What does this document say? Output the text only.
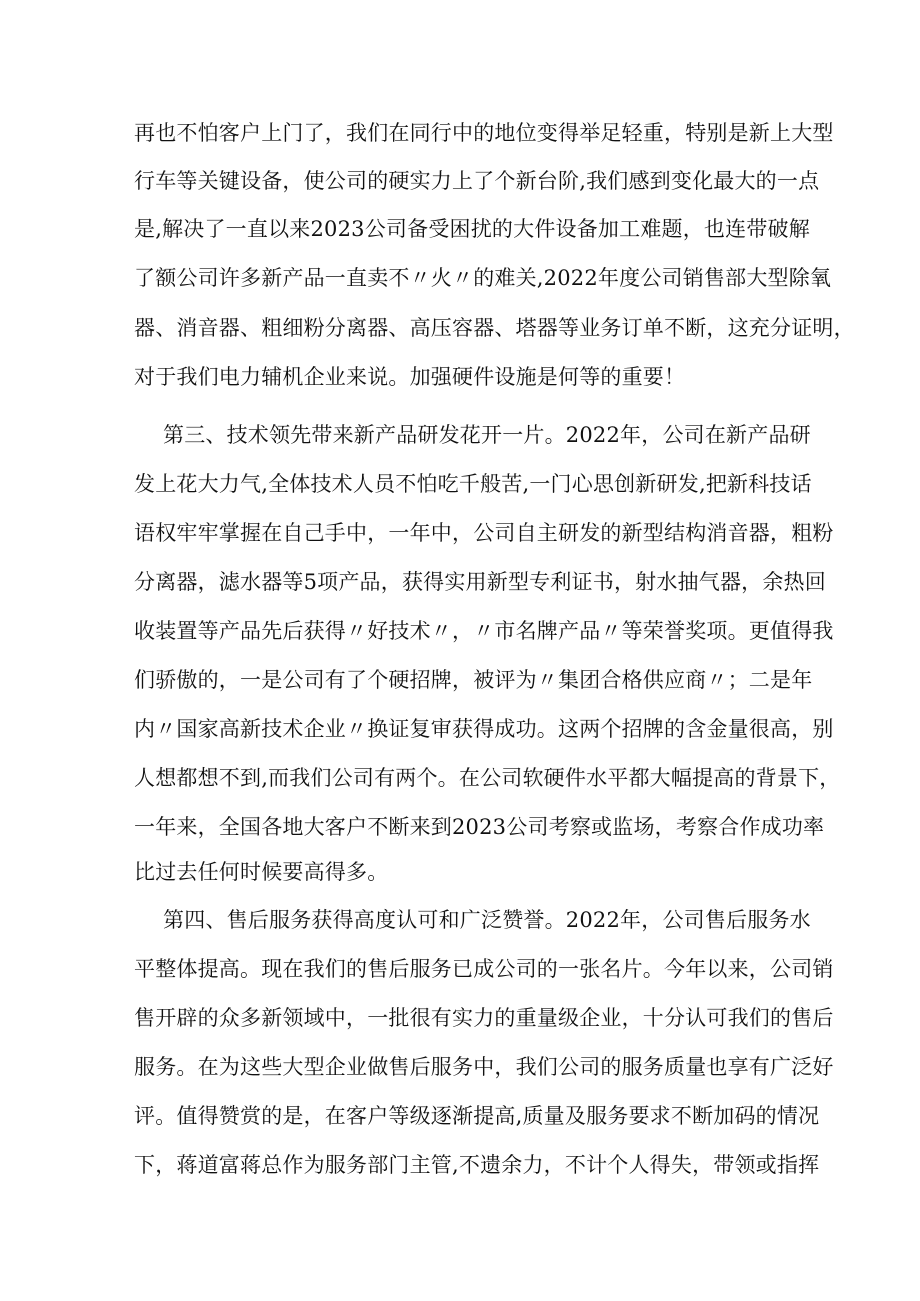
再也不怕客户上门了，我们在同行中的地位变得举足轻重，特别是新上大型
行车等关键设备，使公司的硬实力上了个新台阶,我们感到变化最大的一点
是,解决了一直以来2023公司备受困扰的大件设备加工难题，也连带破解
了额公司许多新产品一直卖不〃火〃的难关,2022年度公司销售部大型除氧
器、消音器、粗细粉分离器、高压容器、塔器等业务订单不断，这充分证明，
对于我们电力辅机企业来说。加强硬件设施是何等的重要！
第三、技术领先带来新产品研发花开一片。2022年，公司在新产品研
发上花大力气,全体技术人员不怕吃千般苦,一门心思创新研发,把新科技话
语权牢牢掌握在自己手中，一年中，公司自主研发的新型结构消音器，粗粉
分离器，滤水器等5项产品，获得实用新型专利证书，射水抽气器，余热回
收装置等产品先后获得〃好技术〃，〃市名牌产品〃等荣誉奖项。更值得我
们骄傲的，一是公司有了个硬招牌，被评为〃集团合格供应商〃；二是年
内〃国家高新技术企业〃换证复审获得成功。这两个招牌的含金量很高，别
人想都想不到,而我们公司有两个。在公司软硬件水平都大幅提高的背景下，
一年来，全国各地大客户不断来到2023公司考察或监场，考察合作成功率
比过去任何时候要高得多。
第四、售后服务获得高度认可和广泛赞誉。2022年，公司售后服务水
平整体提高。现在我们的售后服务已成公司的一张名片。今年以来，公司销
售开辟的众多新领域中，一批很有实力的重量级企业，十分认可我们的售后
服务。在为这些大型企业做售后服务中，我们公司的服务质量也享有广泛好
评。值得赞赏的是，在客户等级逐渐提高,质量及服务要求不断加码的情况
下，蒋道富蒋总作为服务部门主管,不遗余力，不计个人得失，带领或指挥
